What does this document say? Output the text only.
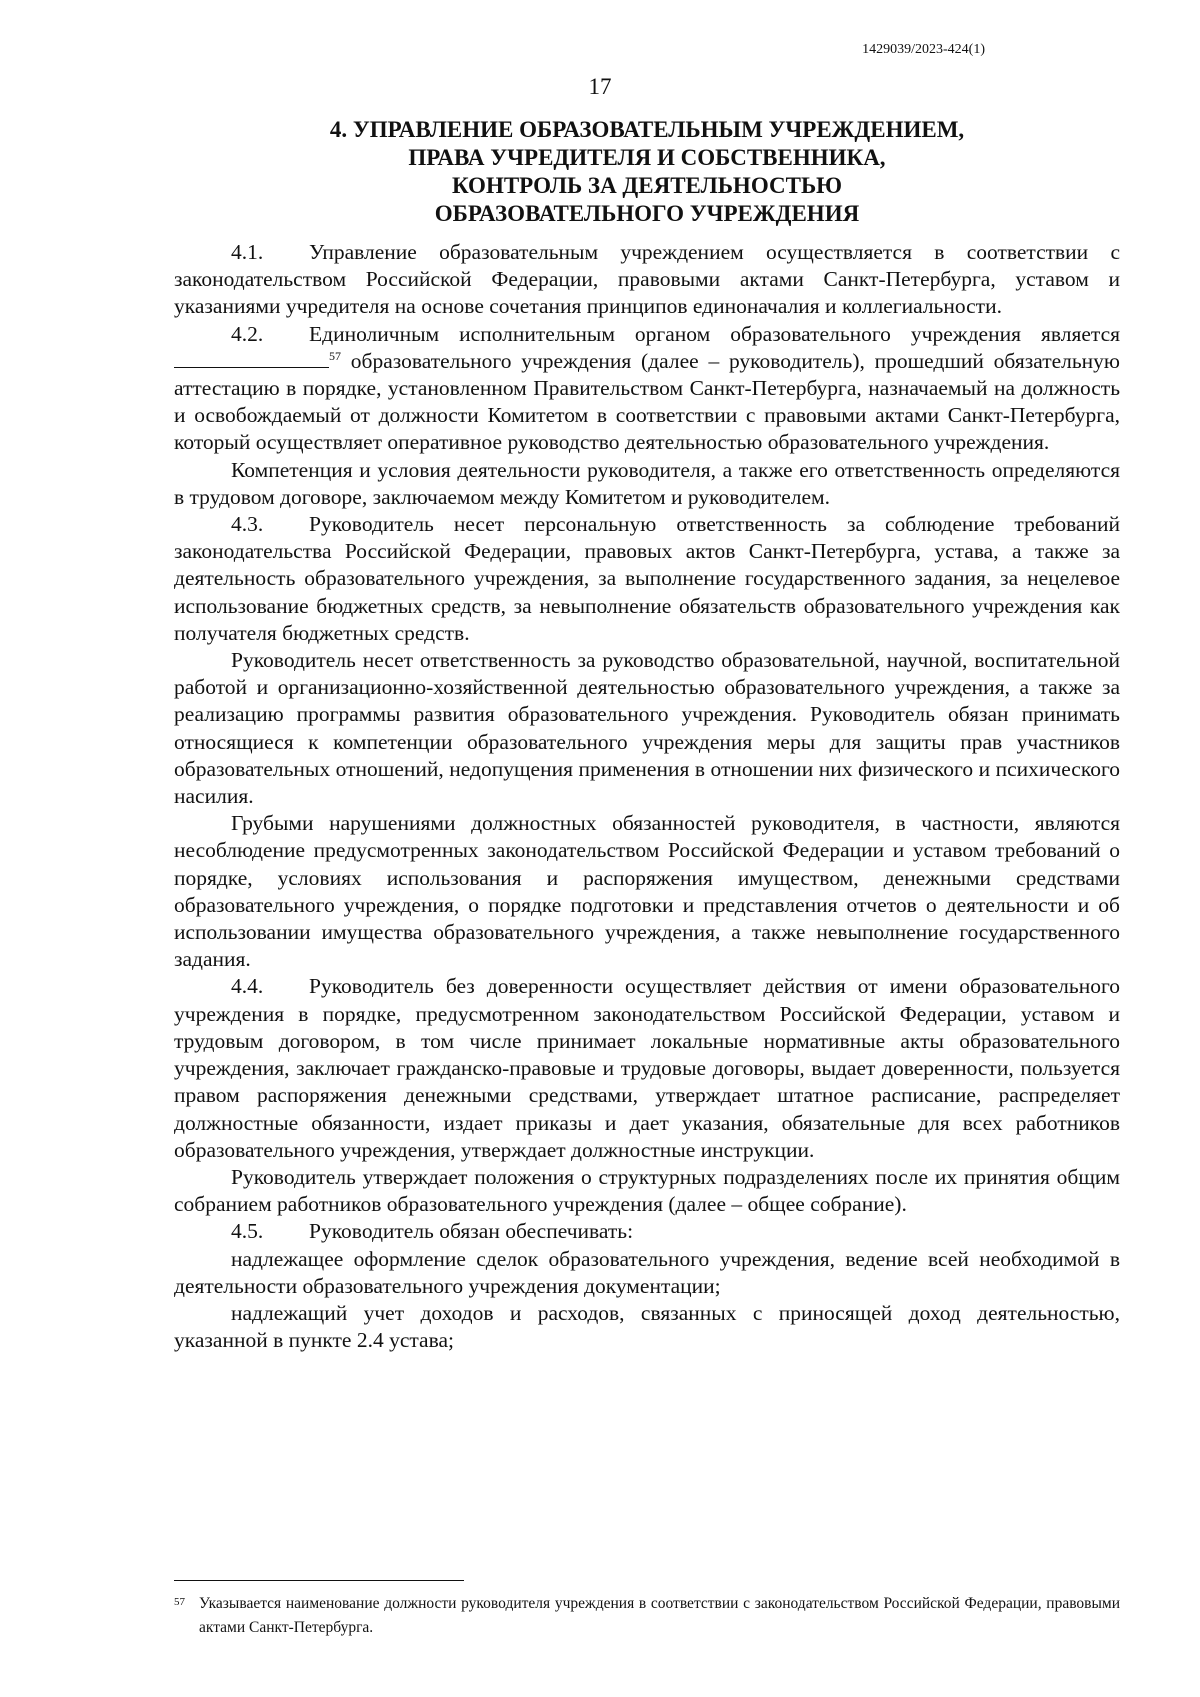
1429039/2023-424(1)
17
4. УПРАВЛЕНИЕ ОБРАЗОВАТЕЛЬНЫМ УЧРЕЖДЕНИЕМ,
ПРАВА УЧРЕДИТЕЛЯ И СОБСТВЕННИКА,
КОНТРОЛЬ ЗА ДЕЯТЕЛЬНОСТЬЮ
ОБРАЗОВАТЕЛЬНОГО УЧРЕЖДЕНИЯ

4.1. Управление образовательным учреждением осуществляется в соответствии с законодательством Российской Федерации, правовыми актами Санкт-Петербурга, уставом и указаниями учредителя на основе сочетания принципов единоначалия и коллегиальности.

4.2. Единоличным исполнительным органом образовательного учреждения является $^{57}$ образовательного учреждения (далее – руководитель), прошедший обязательную аттестацию в порядке, установленном Правительством Санкт-Петербурга, назначаемый на должность и освобождаемый от должности Комитетом в соответствии с правовыми актами Санкт-Петербурга, который осуществляет оперативное руководство деятельностью образовательного учреждения.

Компетенция и условия деятельности руководителя, а также его ответственность определяются в трудовом договоре, заключаемом между Комитетом и руководителем.

4.3. Руководитель несет персональную ответственность за соблюдение требований законодательства Российской Федерации, правовых актов Санкт-Петербурга, устава, а также за деятельность образовательного учреждения, за выполнение государственного задания, за нецелевое использование бюджетных средств, за невыполнение обязательств образовательного учреждения как получателя бюджетных средств.

Руководитель несет ответственность за руководство образовательной, научной, воспитательной работой и организационно-хозяйственной деятельностью образовательного учреждения, а также за реализацию программы развития образовательного учреждения. Руководитель обязан принимать относящиеся к компетенции образовательного учреждения меры для защиты прав участников образовательных отношений, недопущения применения в отношении них физического и психического насилия.

Грубыми нарушениями должностных обязанностей руководителя, в частности, являются несоблюдение предусмотренных законодательством Российской Федерации и уставом требований о порядке, условиях использования и распоряжения имуществом, денежными средствами образовательного учреждения, о порядке подготовки и представления отчетов о деятельности и об использовании имущества образовательного учреждения, а также невыполнение государственного задания.

4.4. Руководитель без доверенности осуществляет действия от имени образовательного учреждения в порядке, предусмотренном законодательством Российской Федерации, уставом и трудовым договором, в том числе принимает локальные нормативные акты образовательного учреждения, заключает гражданско-правовые и трудовые договоры, выдает доверенности, пользуется правом распоряжения денежными средствами, утверждает штатное расписание, распределяет должностные обязанности, издает приказы и дает указания, обязательные для всех работников образовательного учреждения, утверждает должностные инструкции.

Руководитель утверждает положения о структурных подразделениях после их принятия общим собранием работников образовательного учреждения (далее – общее собрание).

4.5. Руководитель обязан обеспечивать:

надлежащее оформление сделок образовательного учреждения, ведение всей необходимой в деятельности образовательного учреждения документации;

надлежащий учет доходов и расходов, связанных с приносящей доход деятельностью, указанной в пункте 2.4 устава;

57 Указывается наименование должности руководителя учреждения в соответствии с законодательством Российской Федерации, правовыми актами Санкт-Петербурга.
